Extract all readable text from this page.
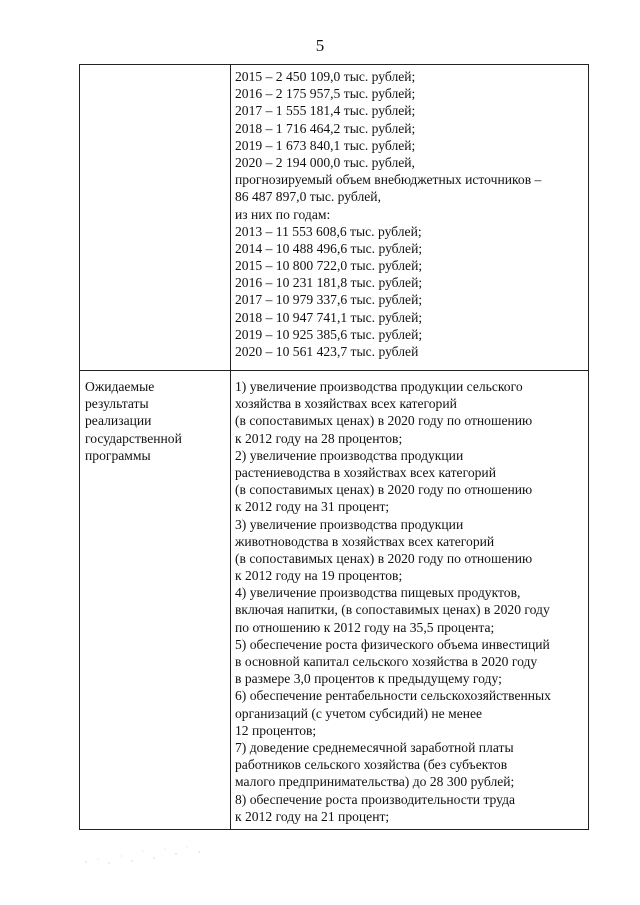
5
2015 – 2 450 109,0 тыс. рублей;
2016 – 2 175 957,5 тыс. рублей;
2017 – 1 555 181,4 тыс. рублей;
2018 – 1 716 464,2 тыс. рублей;
2019 – 1 673 840,1 тыс. рублей;
2020 – 2 194 000,0 тыс. рублей,
прогнозируемый объем внебюджетных источников –
86 487 897,0 тыс. рублей,
из них по годам:
2013 – 11 553 608,6 тыс. рублей;
2014 – 10 488 496,6 тыс. рублей;
2015 – 10 800 722,0 тыс. рублей;
2016 – 10 231 181,8 тыс. рублей;
2017 – 10 979 337,6 тыс. рублей;
2018 – 10 947 741,1 тыс. рублей;
2019 – 10 925 385,6 тыс. рублей;
2020 – 10 561 423,7 тыс. рублей
Ожидаемые
результаты
реализации
государственной
программы
1) увеличение производства продукции сельского
хозяйства в хозяйствах всех категорий
(в сопоставимых ценах) в 2020 году по отношению
к 2012 году на 28 процентов;
2) увеличение производства продукции
растениеводства в хозяйствах всех категорий
(в сопоставимых ценах) в 2020 году по отношению
к 2012 году на 31 процент;
3) увеличение производства продукции
животноводства в хозяйствах всех категорий
(в сопоставимых ценах) в 2020 году по отношению
к 2012 году на 19 процентов;
4) увеличение производства пищевых продуктов,
включая напитки, (в сопоставимых ценах) в 2020 году
по отношению к 2012 году на 35,5 процента;
5) обеспечение роста физического объема инвестиций
в основной капитал сельского хозяйства в 2020 году
в размере 3,0 процентов к предыдущему году;
6) обеспечение рентабельности сельскохозяйственных
организаций (с учетом субсидий) не менее
12 процентов;
7) доведение среднемесячной заработной платы
работников сельского хозяйства (без субъектов
малого предпринимательства) до 28 300 рублей;
8) обеспечение роста производительности труда
к 2012 году на 21 процент;
